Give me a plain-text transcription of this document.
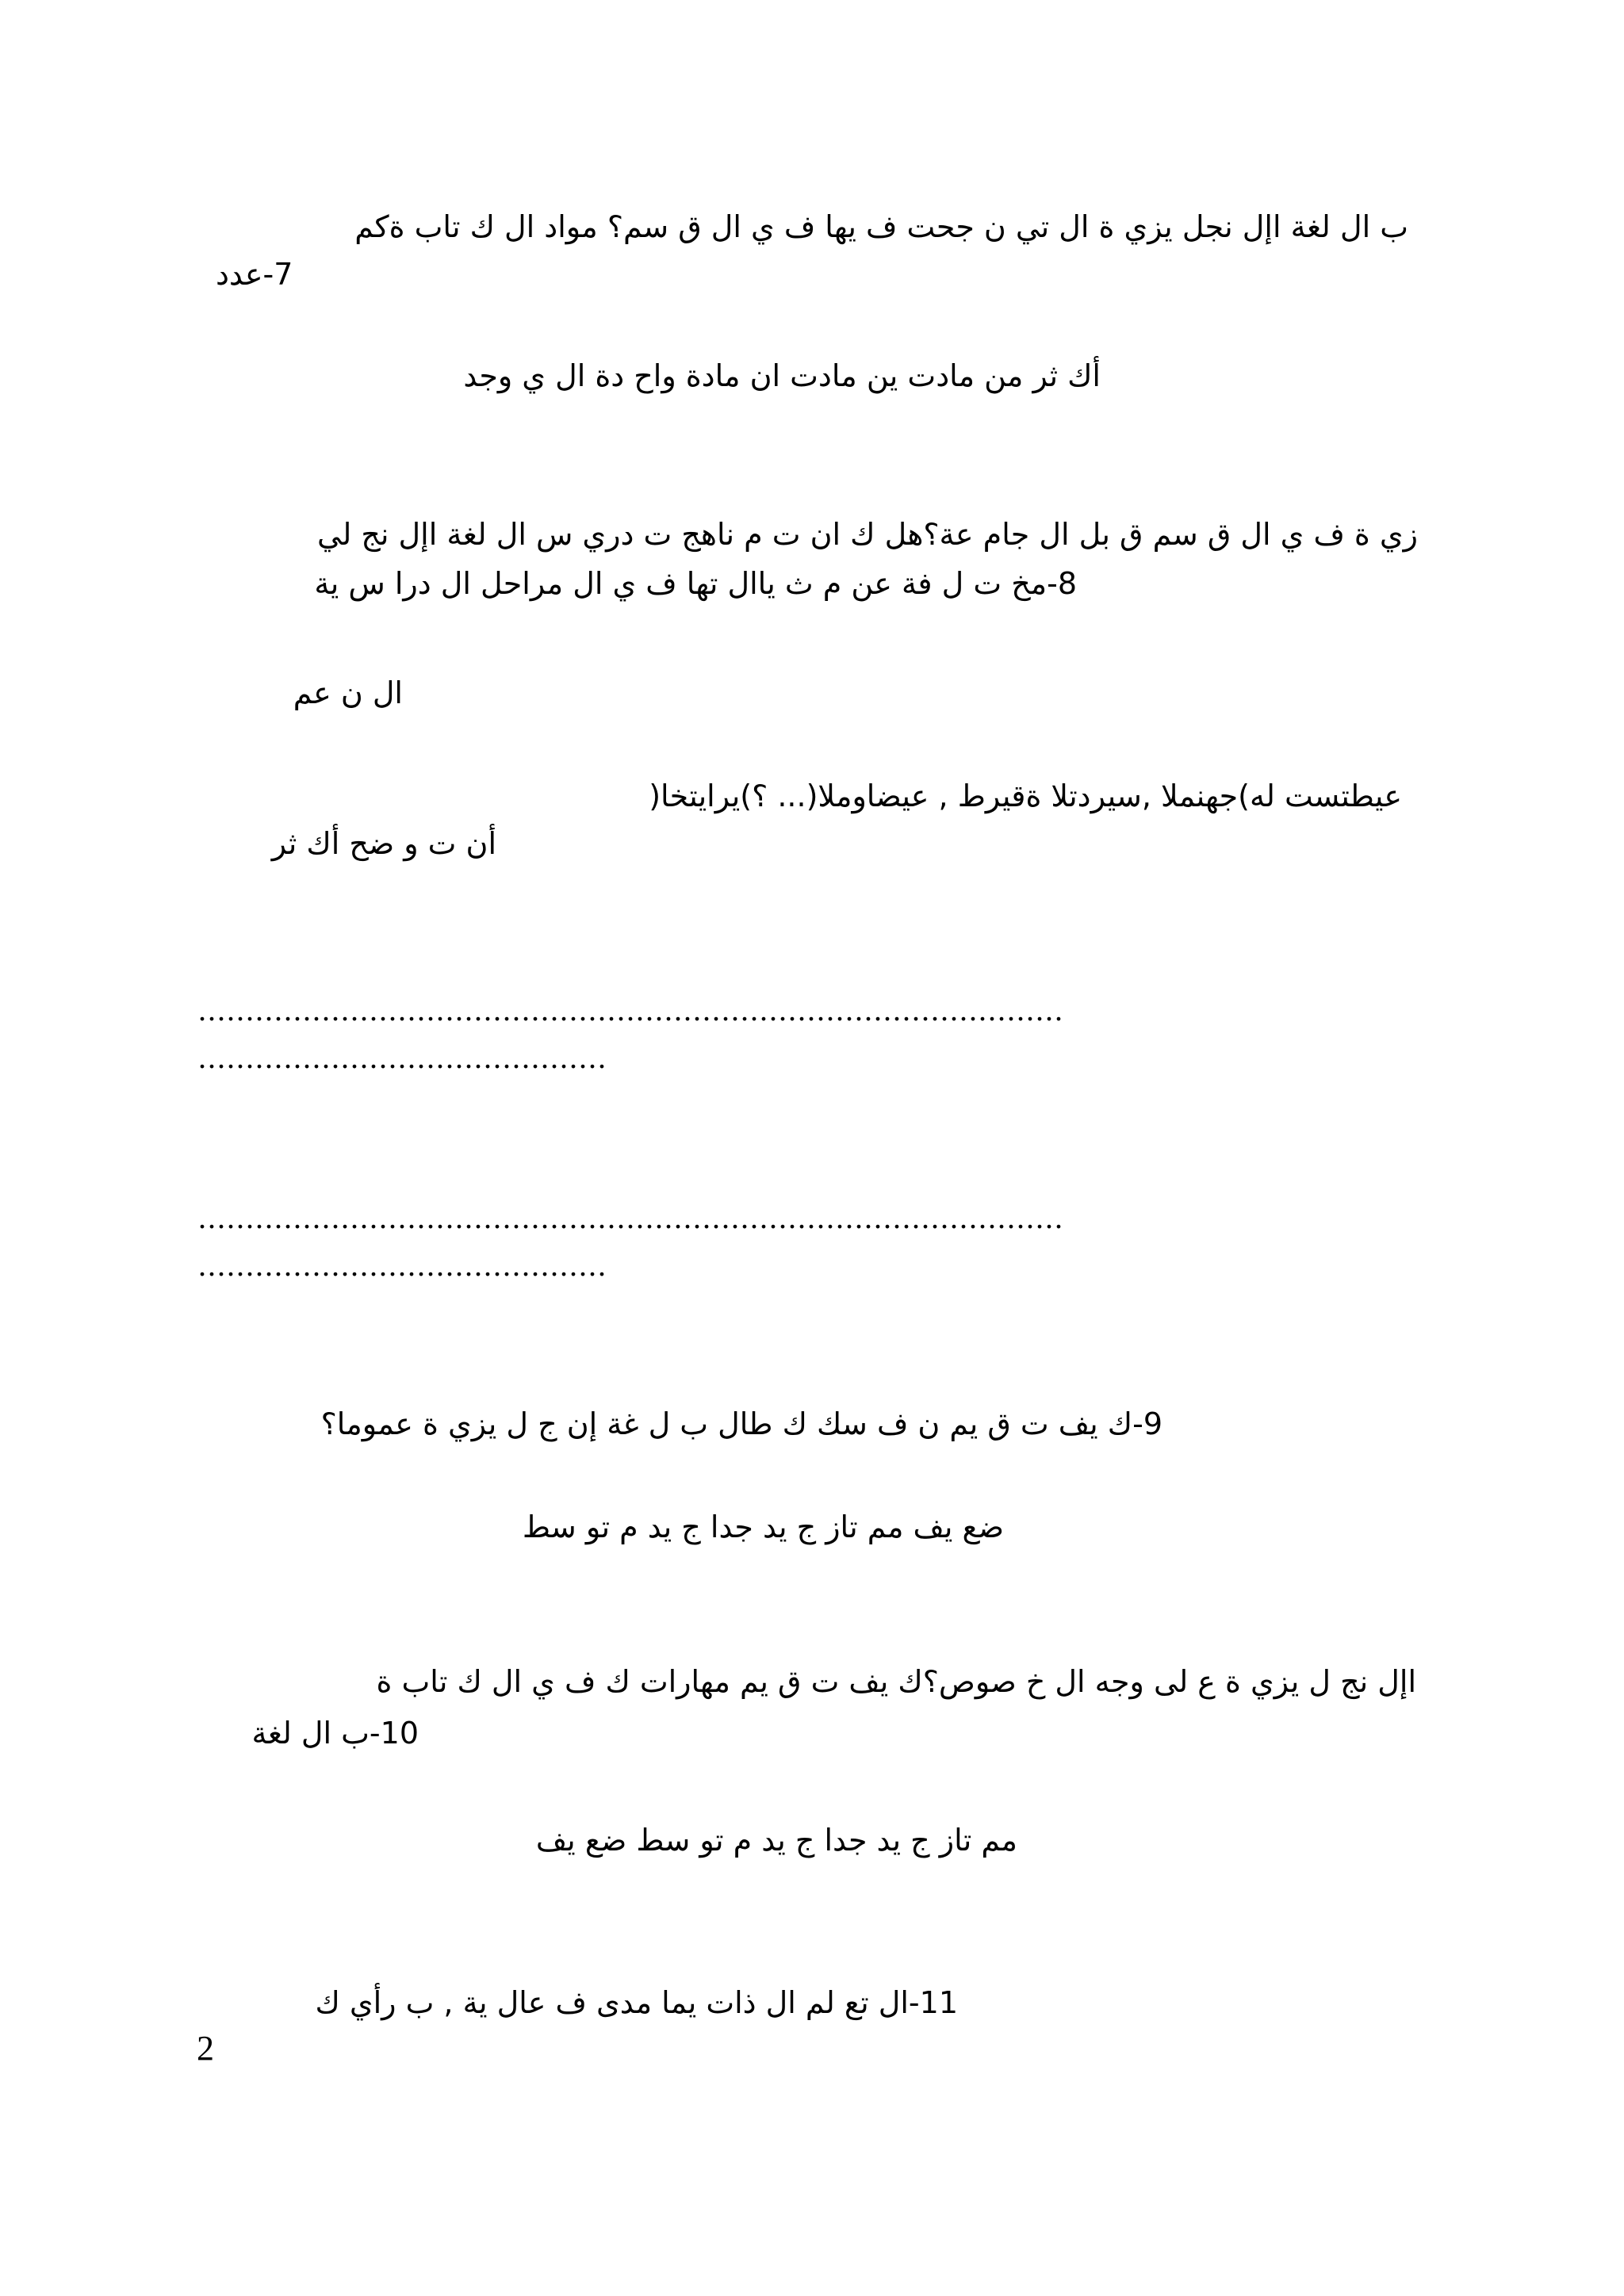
ب ال لغة اإل نجل يزي ة ال تي ن جحت ف يها ف ي ال ق سم؟ مواد ال ك تاب ةكم
7-عدد
أك ثر من مادت ين مادت ان مادة واح دة ال ي وجد
زي ة ف ي ال ق سم ق بل ال جام عة؟هل ك ان ت م ناهج ت دري س ال لغة اإل نج لي
8-مخ ت ل فة عن م ث ياال تها ف ي ال مراحل ال درا س ية
ال ن عم
عيطتست له)جهنملا ,سيردتلا ةقيرط , عيضاوملا(... ؟)يرايتخا(
أن ت و ضح أك ثر
...........................................................................................
...........................................
...........................................................................................
...........................................
9-ك يف ت ق يم ن ف سك ك طال ب ل غة إن ج ل يزي ة عموما؟
ضع يف مم تاز ج يد جدا ج يد م تو سط
اإل نج ل يزي ة ع لى وجه ال خ صوص؟ك يف ت ق يم مهارات ك ف ي ال ك تاب ة
10-ب ال لغة
مم تاز ج يد جدا ج يد م تو سط ضع يف
11-ال تع لم ال ذات يما مدى ف عال ية , ب رأي ك
2
